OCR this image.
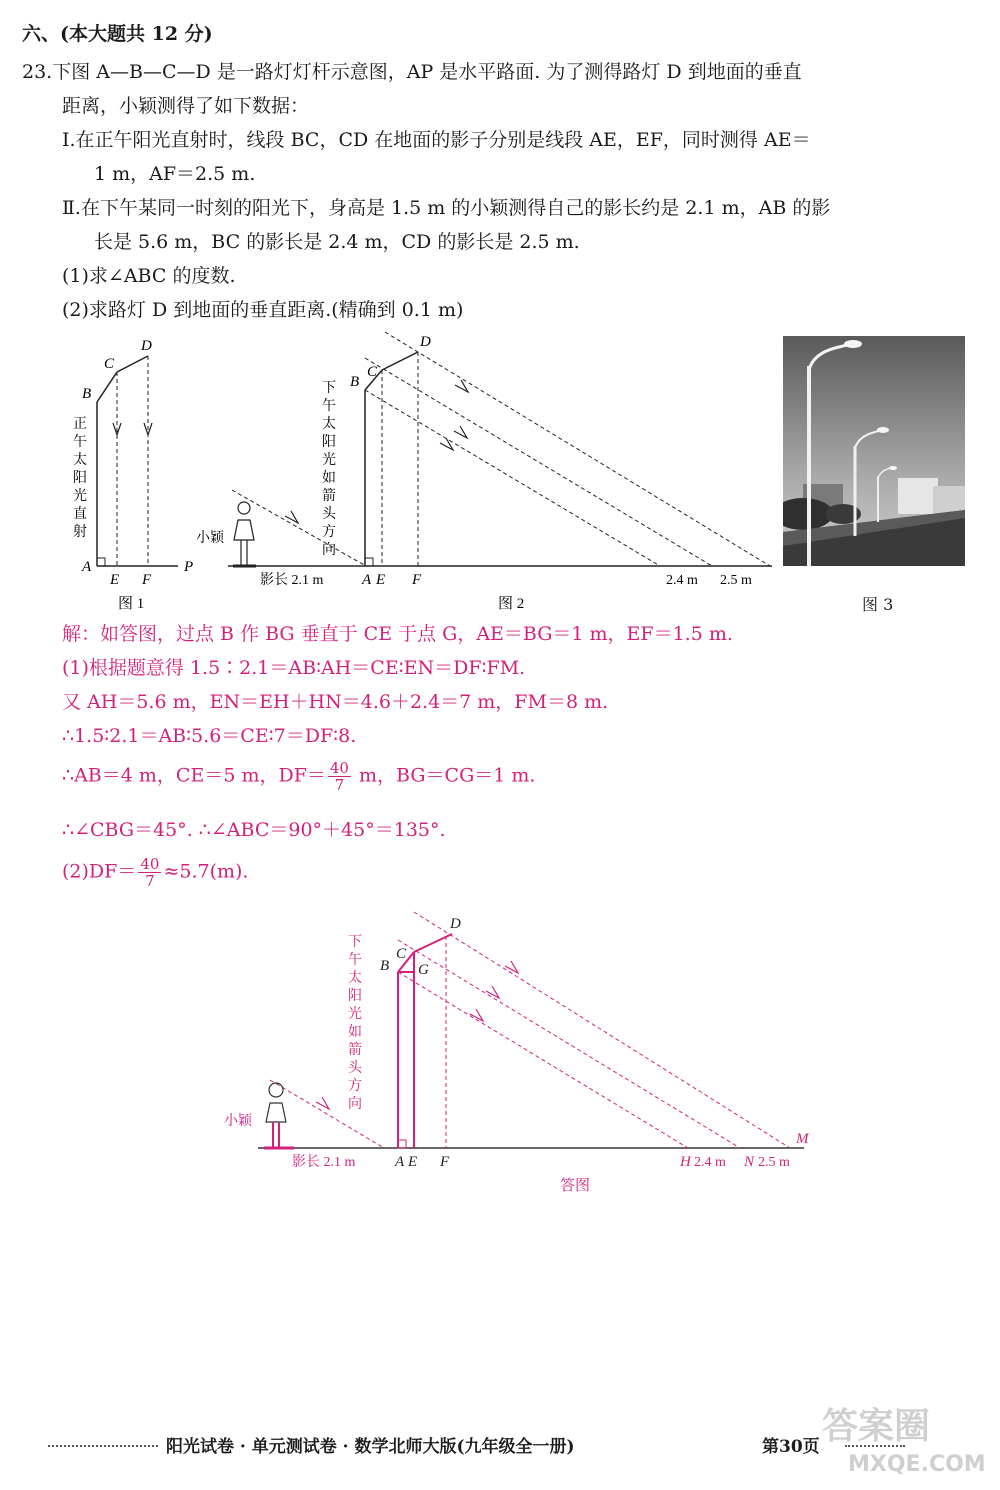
六、(本大题共 12 分)
23.下图 A—B—C—D 是一路灯灯杆示意图，AP 是水平路面. 为了测得路灯 D 到地面的垂直
距离，小颖测得了如下数据：
Ⅰ.在正午阳光直射时，线段 BC，CD 在地面的影子分别是线段 AE，EF，同时测得 AE＝
1 m，AF＝2.5 m.
Ⅱ.在下午某同一时刻的阳光下，身高是 1.5 m 的小颖测得自己的影长约是 2.1 m，AB 的影
长是 5.6 m，BC 的影长是 2.4 m，CD 的影长是 2.5 m.
(1)求∠ABC 的度数.
(2)求路灯 D 到地面的垂直距离.(精确到 0.1 m)
A
B
C
D
E F
P
正
午
太
阳
光
直
射
图 1
小颖
影长 2.1 m
B
C
D
A E F	2.4 m 2.5 m
下
午
太
阳
光
如
箭
头
方
向
图 2	图 3
解：如答图，过点 B 作 BG 垂直于 CE 于点 G，AE＝BG＝1 m，EF＝1.5 m.
(1)根据题意得 1.5∶2.1＝AB∶AH＝CE∶EN＝DF∶FM.
又 AH＝5.6 m，EN＝EH＋HN＝4.6＋2.4＝7 m，FM＝8 m.
∴1.5∶2.1＝AB∶5.6＝CE∶7＝DF∶8.
∴AB＝4 m，CE＝5 m，$DF= \frac{40}{7}$ m，BG＝CG＝1 m.
∴∠CBG＝45°. ∴∠ABC＝90°＋45°＝135°.
$(2)DF= \frac{40}{7} \approx 5.7(m)$.
小颖
B
C
G
D
A E F
影长 2.1 m	H 2.4 m N 2.5 m
M
下
午
太
阳
光
如
箭
头
方
向
答图
阳光试卷 · 单元测试卷 · 数学北师大版(九年级全一册)	第30页 答案圈
MXQE.COM
